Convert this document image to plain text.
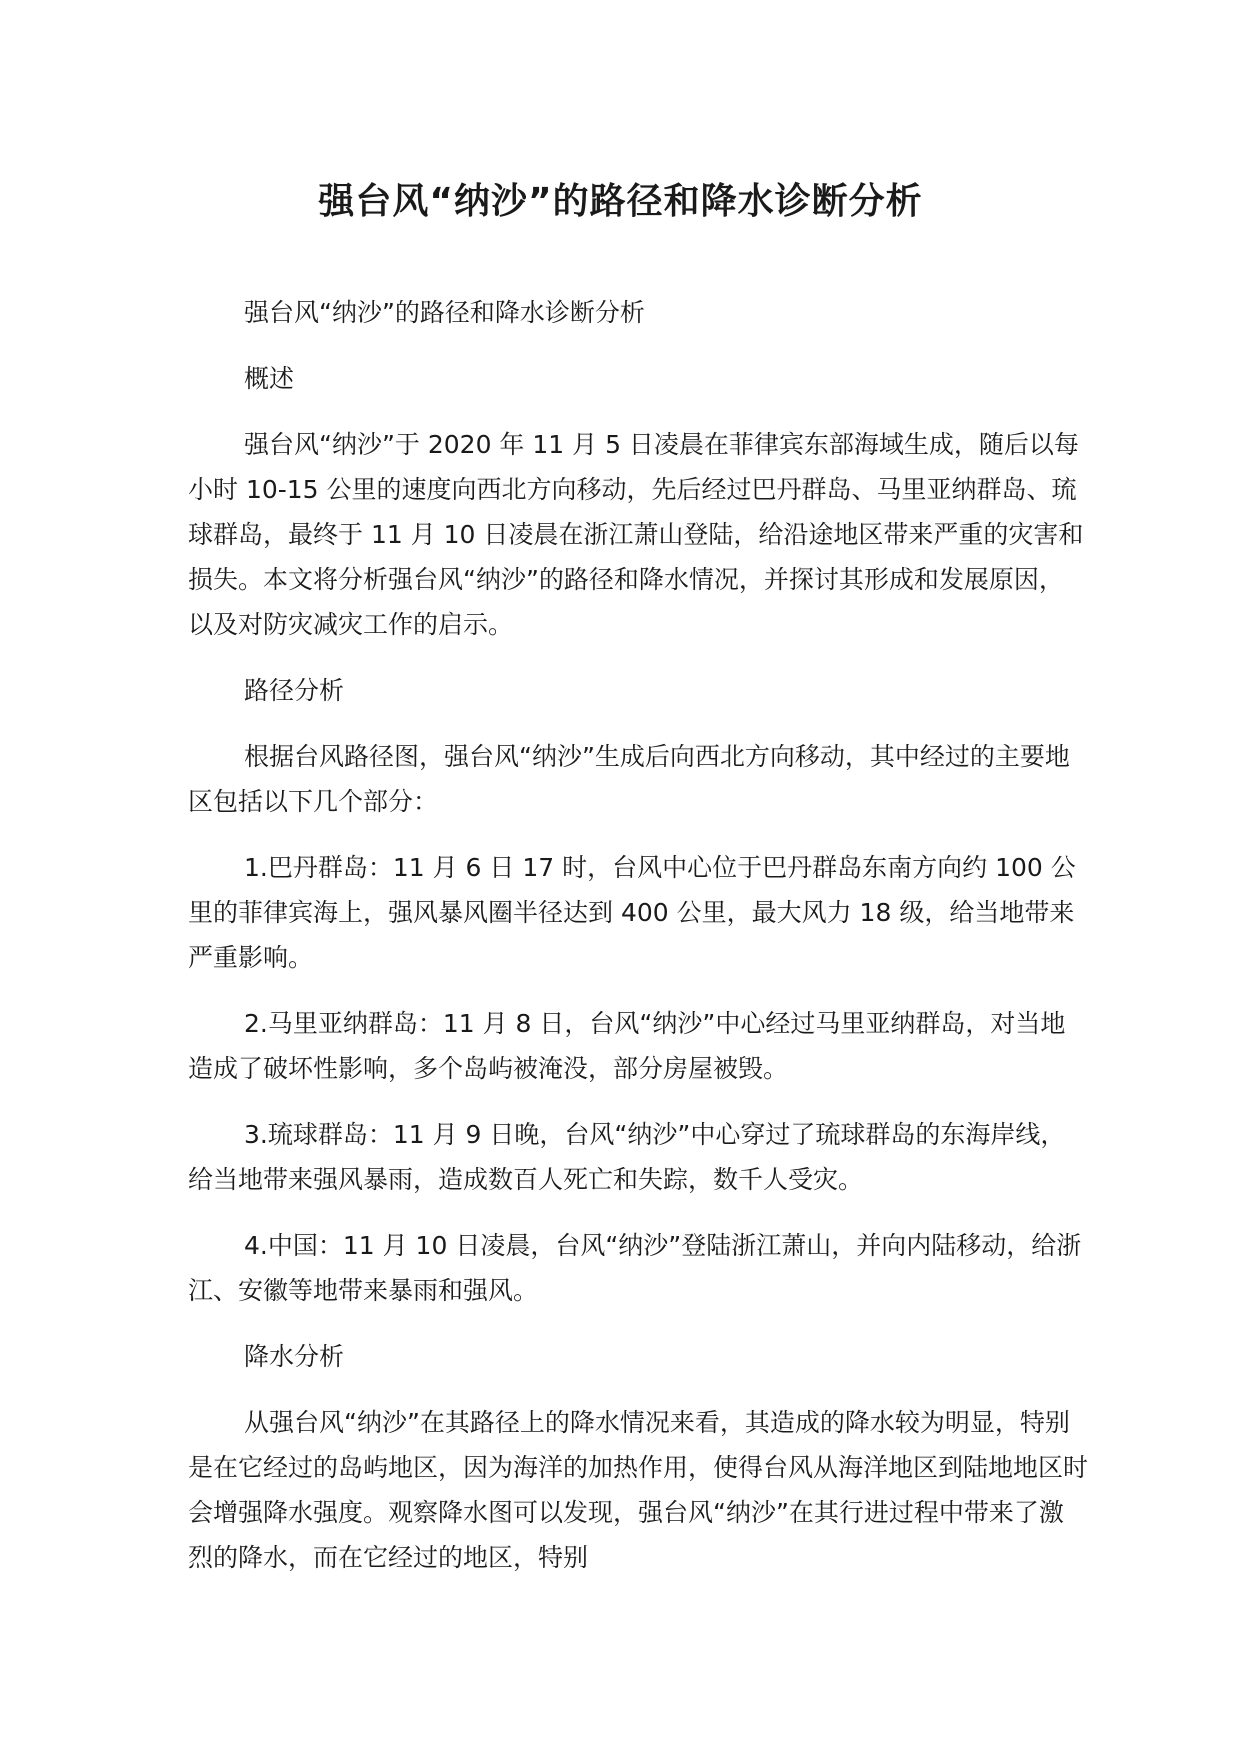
强台风“纳沙”的路径和降水诊断分析

强台风“纳沙”的路径和降水诊断分析

概述

强台风“纳沙”于 2020 年 11 月 5 日凌晨在菲律宾东部海域生成，随后以每小时 10-15 公里的速度向西北方向移动，先后经过巴丹群岛、马里亚纳群岛、琉球群岛，最终于 11 月 10 日凌晨在浙江萧山登陆，给沿途地区带来严重的灾害和损失。本文将分析强台风“纳沙”的路径和降水情况，并探讨其形成和发展原因，以及对防灾减灾工作的启示。

路径分析

根据台风路径图，强台风“纳沙”生成后向西北方向移动，其中经过的主要地区包括以下几个部分：

1.巴丹群岛：11 月 6 日 17 时，台风中心位于巴丹群岛东南方向约 100 公里的菲律宾海上，强风暴风圈半径达到 400 公里，最大风力 18 级，给当地带来严重影响。

2.马里亚纳群岛：11 月 8 日，台风“纳沙”中心经过马里亚纳群岛，对当地造成了破坏性影响，多个岛屿被淹没，部分房屋被毁。

3.琉球群岛：11 月 9 日晚，台风“纳沙”中心穿过了琉球群岛的东海岸线，给当地带来强风暴雨，造成数百人死亡和失踪，数千人受灾。

4.中国：11 月 10 日凌晨，台风“纳沙”登陆浙江萧山，并向内陆移动，给浙江、安徽等地带来暴雨和强风。

降水分析

从强台风“纳沙”在其路径上的降水情况来看，其造成的降水较为明显，特别是在它经过的岛屿地区，因为海洋的加热作用，使得台风从海洋地区到陆地地区时会增强降水强度。观察降水图可以发现，强台风“纳沙”在其行进过程中带来了激烈的降水，而在它经过的地区，特别
